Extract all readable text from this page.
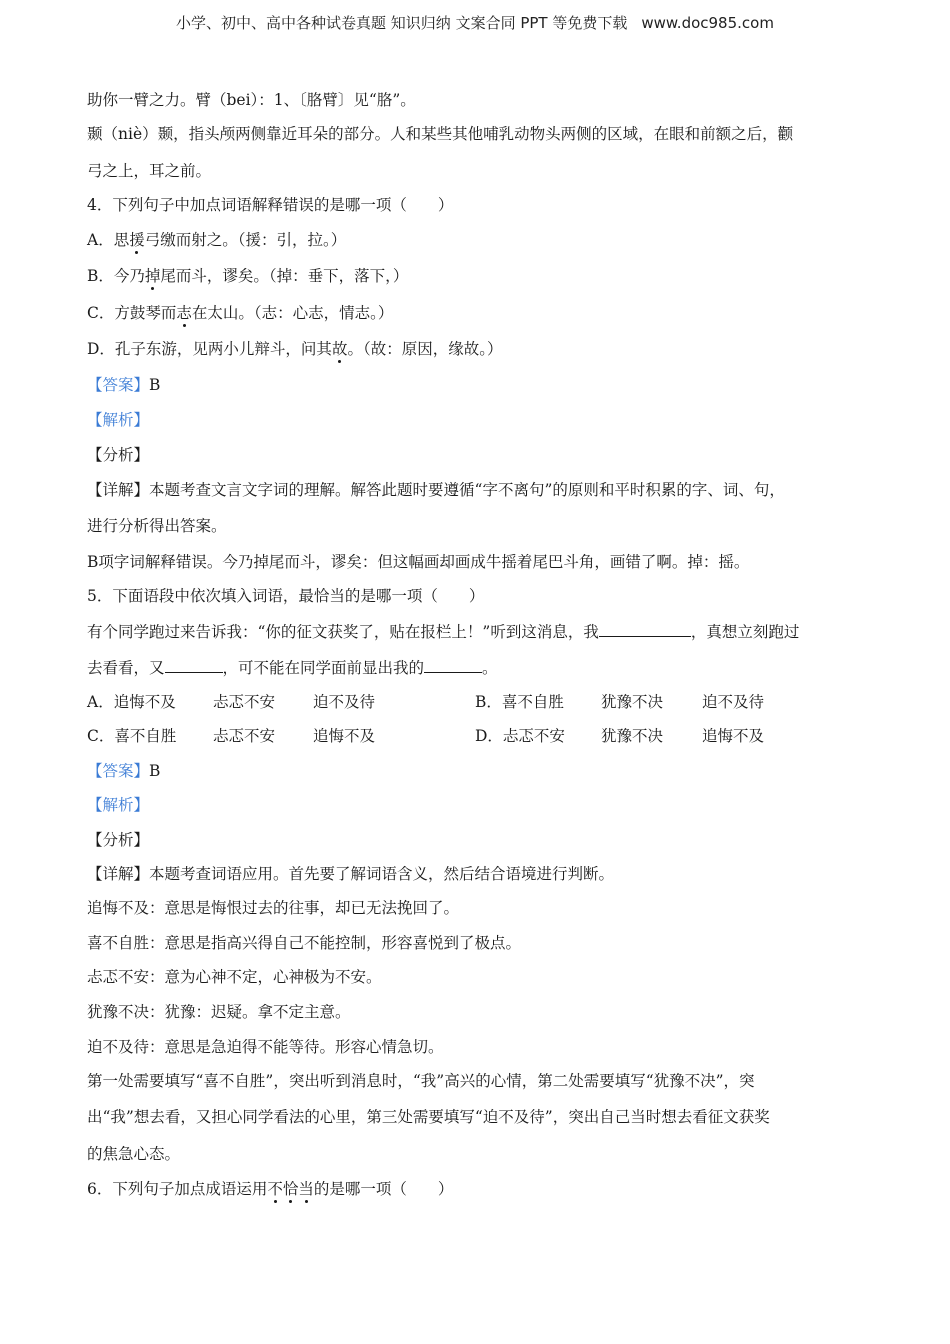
小学、初中、高中各种试卷真题 知识归纳 文案合同 PPT 等免费下载 www.doc985.com
助你一臂之力。臂（bei）：1、〔胳臂〕见“胳”。
颞（niè）颞，指头颅两侧靠近耳朵的部分。人和某些其他哺乳动物头两侧的区域，在眼和前额之后，颧
弓之上，耳之前。
4．下列句子中加点词语解释错误的是哪一项（　　）
A．思援弓缴而射之。（援：引，拉。）
B．今乃掉尾而斗，谬矣。（掉：垂下，落下，）
C．方鼓琴而志在太山。（志：心志，情志。）
D．孔子东游，见两小儿辩斗，问其故。（故：原因，缘故。）
【答案】B
【解析】
【分析】
【详解】本题考查文言文字词的理解。解答此题时要遵循“字不离句”的原则和平时积累的字、词、句，
进行分析得出答案。
B项字词解释错误。今乃掉尾而斗，谬矣：但这幅画却画成牛摇着尾巴斗角，画错了啊。掉：摇。
5．下面语段中依次填入词语，最恰当的是哪一项（　　）
有个同学跑过来告诉我：“你的征文获奖了，贴在报栏上！”听到这消息，我	，真想立刻跑过
去看看，又	，可不能在同学面前显出我的	。
A．追悔不及 忐忑不安 迫不及待	B．喜不自胜 犹豫不决	迫不及待
C．喜不自胜 忐忑不安 追悔不及	D．忐忑不安 犹豫不决	追悔不及
【答案】B
【解析】
【分析】
【详解】本题考查词语应用。首先要了解词语含义，然后结合语境进行判断。
追悔不及：意思是悔恨过去的往事，却已无法挽回了。
喜不自胜：意思是指高兴得自己不能控制，形容喜悦到了极点。
忐忑不安：意为心神不定，心神极为不安。
犹豫不决：犹豫：迟疑。拿不定主意。
迫不及待：意思是急迫得不能等待。形容心情急切。
第一处需要填写“喜不自胜”，突出听到消息时，“我”高兴的心情，第二处需要填写“犹豫不决”，突
出“我”想去看，又担心同学看法的心里，第三处需要填写“迫不及待”，突出自己当时想去看征文获奖
的焦急心态。
6．下列句子加点成语运用不恰当的是哪一项（　　）
